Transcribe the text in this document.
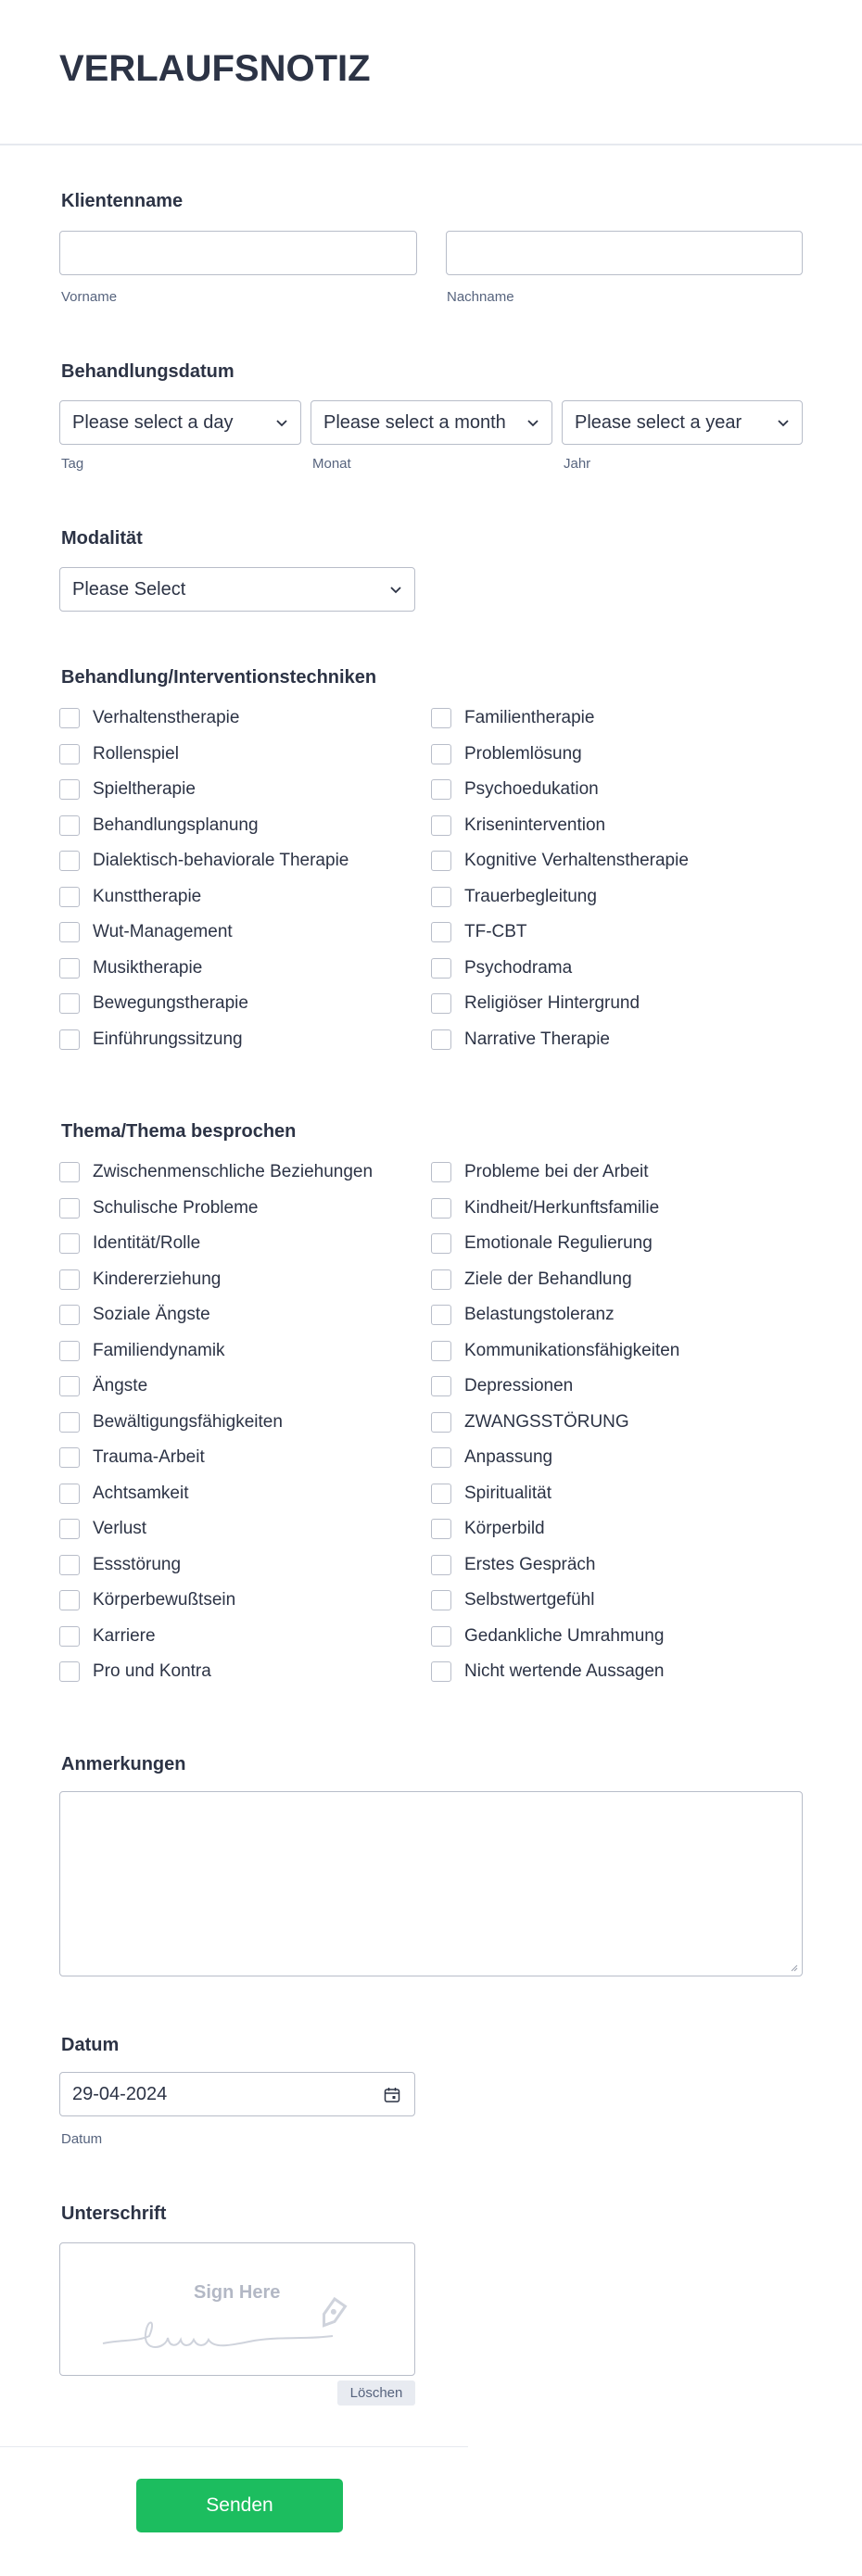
VERLAUFSNOTIZ
Klientenname
Vorname	Nachname
Behandlungsdatum
Please select a day	Please select a month	Please select a year
Tag	Monat	Jahr
Modalität
Please Select
Behandlung/Interventionstechniken
Verhaltenstherapie
Rollenspiel
Spieltherapie
Behandlungsplanung
Dialektisch-behaviorale Therapie
Kunsttherapie
Wut-Management
Musiktherapie
Bewegungstherapie
Einführungssitzung
Familientherapie
Problemlösung
Psychoedukation
Krisenintervention
Kognitive Verhaltenstherapie
Trauerbegleitung
TF-CBT
Psychodrama
Religiöser Hintergrund
Narrative Therapie
Thema/Thema besprochen
Zwischenmenschliche Beziehungen
Schulische Probleme
Identität/Rolle
Kindererziehung
Soziale Ängste
Familiendynamik
Ängste
Bewältigungsfähigkeiten
Trauma-Arbeit
Achtsamkeit
Verlust
Essstörung
Körperbewußtsein
Karriere
Pro und Kontra
Probleme bei der Arbeit
Kindheit/Herkunftsfamilie
Emotionale Regulierung
Ziele der Behandlung
Belastungstoleranz
Kommunikationsfähigkeiten
Depressionen
ZWANGSSTÖRUNG
Anpassung
Spiritualität
Körperbild
Erstes Gespräch
Selbstwertgefühl
Gedankliche Umrahmung
Nicht wertende Aussagen
Anmerkungen
Datum
29-04-2024
Datum
Unterschrift
Sign Here
Löschen
Senden
